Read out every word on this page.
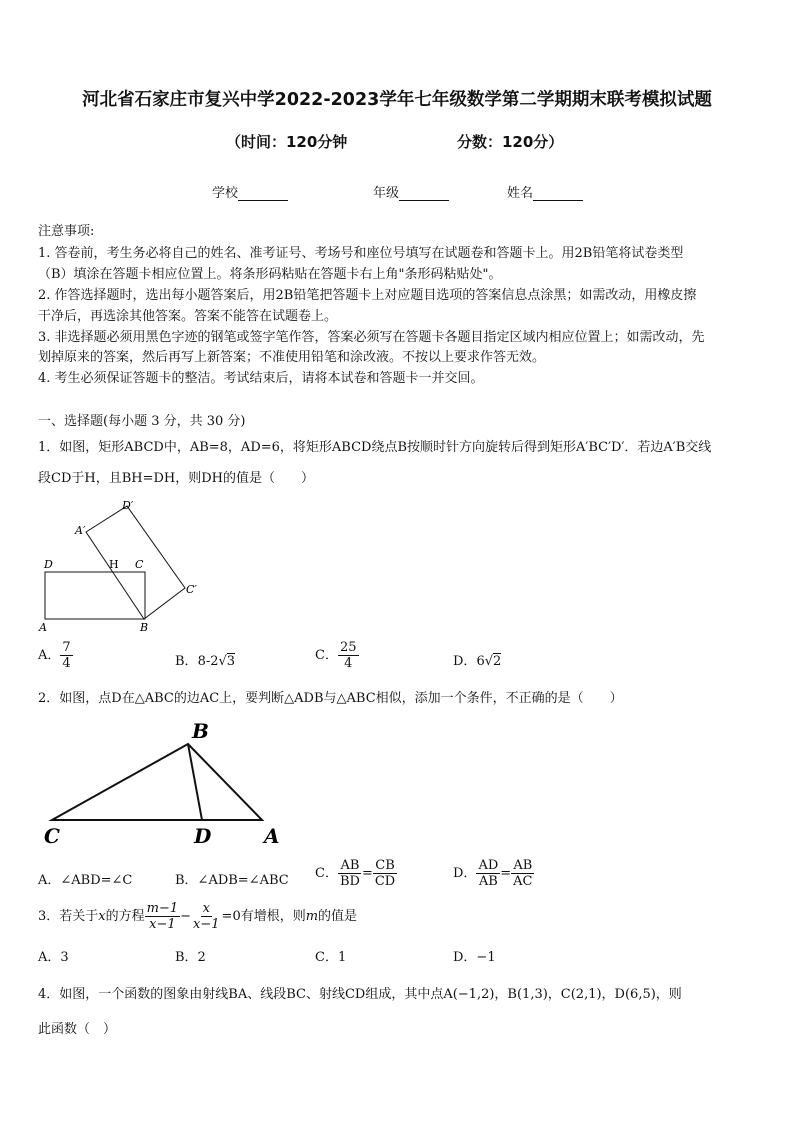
河北省石家庄市复兴中学2022-2023学年七年级数学第二学期期末联考模拟试题
（时间：120分钟	分数：120分）
学校	年级	姓名
注意事项:
1. 答卷前，考生务必将自己的姓名、准考证号、考场号和座位号填写在试题卷和答题卡上。用2B铅笔将试卷类型
（B）填涂在答题卡相应位置上。将条形码粘贴在答题卡右上角"条形码粘贴处"。
2. 作答选择题时，选出每小题答案后，用2B铅笔把答题卡上对应题目选项的答案信息点涂黑；如需改动，用橡皮擦
干净后，再选涂其他答案。答案不能答在试题卷上。
3. 非选择题必须用黑色字迹的钢笔或签字笔作答，答案必须写在答题卡各题目指定区域内相应位置上；如需改动，先
划掉原来的答案，然后再写上新答案；不准使用铅笔和涂改液。不按以上要求作答无效。
4. 考生必须保证答题卡的整洁。考试结束后，请将本试卷和答题卡一并交回。
一、选择题(每小题 3 分，共 30 分)
1．如图，矩形ABCD中，AB=8，AD=6，将矩形ABCD绕点B按顺时针方向旋转后得到矩形A′BC′D′．若边A′B交线
段CD于H，且BH=DH，则DH的值是（　　）
D′
A′
D	H C
C′
A	B
A． $\frac{7}{4}$	B．8-2√3	C． $\frac{25}{4}$	D．6√2
2．如图，点D在△ABC的边AC上，要判断△ADB与△ABC相似，添加一个条件，不正确的是（　　）
B
C	D	A
A．∠ABD=∠C	B．∠ADB=∠ABC C． $\frac{AB}{BD} = \frac{CB}{CD}$	D． $\frac{AD}{AB} = \frac{AB}{AC}$
3．若关于x的方程 $\frac{m-1}{x-1} - \frac{x}{x-1} =0$有增根，则m的值是
A．3	B．2	C．1	D．−1
4．如图，一个函数的图象由射线BA、线段BC、射线CD组成，其中点A(−1,2)，B(1,3)，C(2,1)，D(6,5)，则
此函数（　）
